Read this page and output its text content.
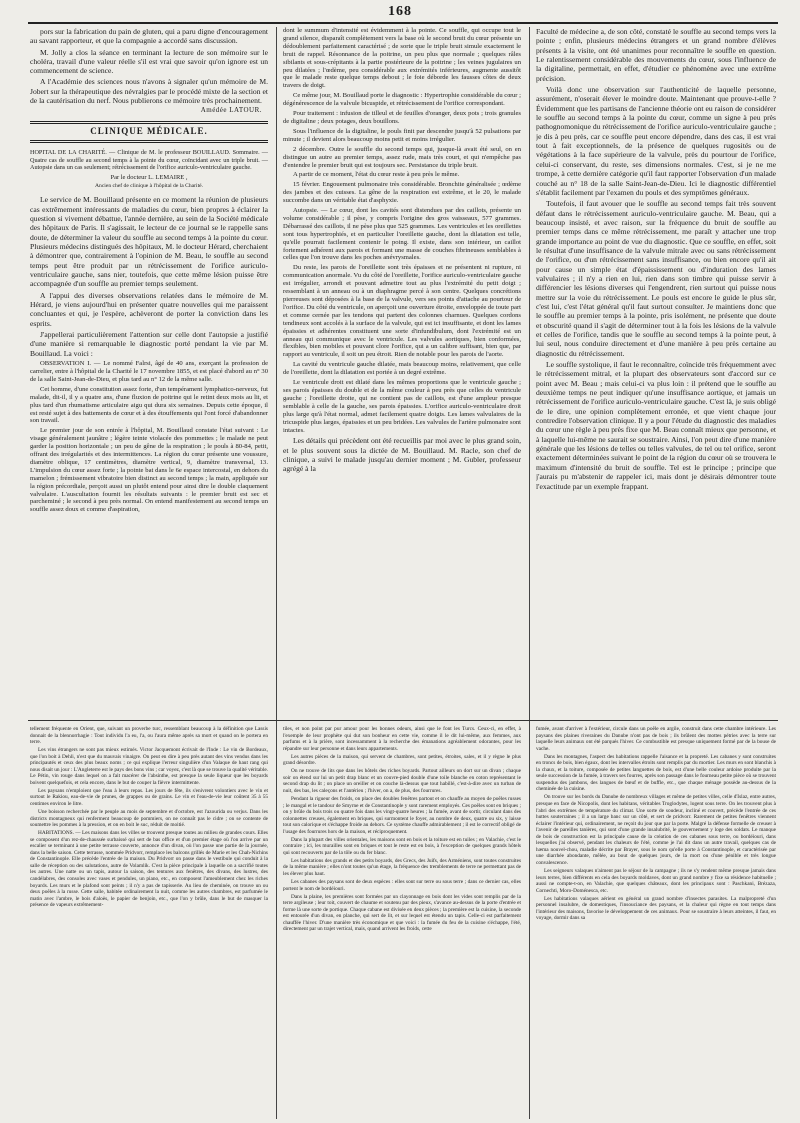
168

pors sur la fabrication du pain de gluten, qui a paru digne d'encouragement au savant rapporteur, et que la compagnie a accordé sans discussion.

M. Jolly a clos la séance en terminant la lecture de son mémoire sur le choléra, travail d'une valeur réelle s'il est vrai que savoir qu'on ignore est un commencement de science.

A l'Académie des sciences nous n'avons à signaler qu'un mémoire de M. Jobert sur la thérapeutique des névralgies par le procédé mixte de la section et de la cautérisation du nerf. Nous publierons ce mémoire très prochainement.

Amédée LATOUR.
CLINIQUE MÉDICALE.

HOPITAL DE LA CHARITÉ. — Clinique de M. le professeur BOUILLAUD. Sommaire. — Quatre cas de souffle au second temps à la pointe du cœur, coïncidant avec un triple bruit. — Autopsie dans un cas seulement; rétrécissement de l'orifice auriculo-ventriculaire gauche.

Par le docteur L. LEMAIRE ,
Ancien chef de clinique à l'hôpital de la Charité.

Le service de M. Bouillaud présente en ce moment la réunion de plusieurs cas extrêmement intéressants de maladies du cœur, bien propres à éclairer la question si vivement débattue, l'année dernière, au sein de la Société médicale des hôpitaux de Paris. Il s'agissait, le lecteur de ce journal se le rappelle sans doute, de déterminer la valeur du souffle au second temps à la pointe du cœur. Plusieurs médecins distingués des hôpitaux, M. le docteur Hérard, cherchaient à démontrer que, contrairement à l'opinion de M. Beau, le souffle au second temps peut être produit par un rétrécissement de l'orifice auriculo-ventriculaire gauche, sans nier, toutefois, que cette même lésion puisse être accompagnée d'un souffle au premier temps seulement.

A l'appui des diverses observations relatées dans le mémoire de M. Hérard, je viens aujourd'hui en présenter quatre nouvelles qui me paraissent concluantes et qui, je l'espère, achèveront de porter la conviction dans les esprits.

J'appellerai particulièrement l'attention sur celle dont l'autopsie a justifié d'une manière si remarquable le diagnostic porté pendant la vie par M. Bouillaud. La voici :

OBSERVATION I. — Le nommé Falrsi, âgé de 40 ans, exerçant la profession de carrelier, entre à l'hôpital de la Charité le 17 novembre 1855, et est placé d'abord au n° 30 de la salle Saint-Jean-de-Dieu, et plus tard au n° 12 de la même salle.

Cet homme, d'une constitution assez forte, d'un tempérament lymphatico-nerveux, fut malade, dit-il, il y a quatre ans, d'une fluxion de poitrine qui le retint deux mois au lit, et plus tard d'un rhumatisme articulaire aigu qui dura six semaines. Depuis cette époque, il est resté sujet à des battements de cœur et à des étouffements qui l'ont forcé d'abandonner son travail.

Le premier jour de son entrée à l'hôpital, M. Bouillaud constate l'état suivant : Le visage généralement jaunâtre ; légère teinte violacée des pommettes ; le malade ne peut garder la position horizontale ; un peu de gêne de la respiration ; le pouls à 80-84, petit, offrant des irrégularités et des intermittences. La région du cœur présente une voussure, diamètre oblique, 17 centimètres, diamètre vertical, 9, diamètre transversal, 13. L'impulsion du cœur assez forte ; la pointe bat dans le 6e espace intercostal, en dehors du mamelon ; frémissement vibratoire bien distinct au second temps ; la main, appliquée sur la région précordiale, perçoit aussi un plutôt entend pour ainsi dire le double claquement valvulaire. L'auscultation fournit les résultats suivants : le premier bruit est sec et parcheminé ; le second à peu près normal. On entend manifestement au second temps un souffle assez doux et comme d'aspiration,

dont le summum d'intensité est évidemment à la pointe. Ce souffle, qui occupe tout le grand silence, disparaît complètement vers la base où le second bruit du cœur présente un dédoublement parfaitement caractérisé ; de sorte que le triple bruit simule exactement le bruit de rappel. Résonnance de la poitrine, un peu plus que normale ; quelques râles sibilants et sous-crépitants à la partie postérieure de la poitrine ; les veines jugulaires un peu dilatées ; l'œdème, peu considérable aux extrémités inférieures, augmente aussitôt que le malade reste quelque temps debout ; le foie déborde les fausses côtes de deux travers de doigt.

Ce même jour, M. Bouillaud porte le diagnostic : Hypertrophie considérable du cœur ; dégénérescence de la valvule bicuspide, et rétrécissement de l'orifice correspondant.

Pour traitement : infusion de tilleul et de feuilles d'oranger, deux pots ; trois granules de digitaline ; deux potages, deux bouillons.

Sous l'influence de la digitaline, le pouls finit par descendre jusqu'à 52 pulsations par minute ; il devient alors beaucoup moins petit et moins irrégulier.

2 décembre. Outre le souffle du second temps qui, jusque-là avait été seul, on en distingue un autre au premier temps, assez rude, mais très court, et qui n'empêche pas d'entendre le premier bruit qui est toujours sec. Persistance du triple bruit.

A partir de ce moment, l'état du cœur reste à peu près le même.

15 février. Engouement pulmonaire très considérable. Bronchite généralisée ; œdème des jambes et des cuisses. La gêne de la respiration est extrême, et le 20, le malade succombe dans un véritable état d'asphyxie.

Autopsie. — Le cœur, dont les cavités sont distendues par des caillots, présente un volume considérable ; il pèse, y compris l'origine des gros vaisseaux, 577 grammes. Débarrassé des caillots, il ne pèse plus que 525 grammes. Les ventricules et les oreillettes sont tous hypertrophiés, et en particulier l'oreillette gauche, dont la dilatation est telle, qu'elle pourrait facilement contenir le poing. Il existe, dans son intérieur, un caillot fortement adhérent aux parois et formant une masse de couches fibrineuses semblables à celles que l'on trouve dans les poches anévrysmales.

Du reste, les parois de l'oreillette sont très épaisses et ne présentent ni rupture, ni communication anormale. Vu du côté de l'oreillette, l'orifice auriculo-ventriculaire gauche est irrégulier, arrondi et pouvant admettre tout au plus l'extrémité du petit doigt ; ressemblant à un anneau ou à un diaphragme percé à son centre. Quelques concrétions pierreuses sont déposées à la base de la valvule, vers ses points d'attache au pourtour de l'orifice. Du côté du ventricule, on aperçoit une ouverture étroite, enveloppée de toute part et comme cernée par les tendons qui partent des colonnes charnues. Quelques cordons tendineux sont accolés à la surface de la valvule, qui est ici insuffisante, et dont les lames épaissies et adhérentes constituent une sorte d'infundibulum, dont l'extrémité est un anneau qui communique avec le ventricule. Les valvules aortiques, bien conformées, flexibles, bien mobiles et pouvant clore l'orifice, qui a un calibre suffisant, bien que, par rapport au ventricule, il soit un peu étroit. Rien de notable pour les parois de l'aorte.

La cavité du ventricule gauche dilatée, mais beaucoup moins, relativement, que celle de l'oreillette, dont la dilatation est portée à un degré extrême.

Le ventricule droit est dilaté dans les mêmes proportions que le ventricule gauche ; ses parois épaisses du double et de la même couleur à peu près que celles du ventricule gauche ; l'oreillette droite, qui ne contient pas de caillots, est d'une ampleur presque semblable à celle de la gauche, ses parois épaissies. L'orifice auriculo-ventriculaire droit plus large qu'à l'état normal, admet facilement quatre doigts. Les lames valvulaires de la tricuspide plus larges, épaissies et un peu bridées. Les valvules de l'artère pulmonaire sont intactes.

Les détails qui précèdent ont été recueillis par moi avec le plus grand soin, et le plus souvent sous la dictée de M. Bouillaud. M. Racle, son chef de clinique, a suivi le malade jusqu'au dernier moment ; M. Gubler, professeur agrégé à la

Faculté de médecine a, de son côté, constaté le souffle au second temps vers la pointe ; enfin, plusieurs médecins étrangers et un grand nombre d'élèves présents à la visite, ont été unanimes pour reconnaître le souffle en question. Le ralentissement considérable des mouvements du cœur, sous l'influence de la digitaline, permettait, en effet, d'étudier ce phénomène avec une extrême précision.

Voilà donc une observation sur l'authenticité de laquelle personne, assurément, n'oserait élever le moindre doute. Maintenant que prouve-t-elle ? Évidemment que les partisans de l'ancienne théorie ont eu raison de considérer le souffle au second temps à la pointe du cœur, comme un signe à peu près pathognomonique du rétrécissement de l'orifice auriculo-ventriculaire gauche ; je dis à peu près, car ce souffle peut encore dépendre, dans des cas, il est vrai tout à fait exceptionnels, de la présence de quelques rugosités ou de végétations à la face supérieure de la valvule, près du pourtour de l'orifice, celui-ci conservant, du reste, ses dimensions normales. C'est, si je ne me trompe, à cette dernière catégorie qu'il faut rapporter l'observation d'un malade couché au n° 18 de la salle Saint-Jean-de-Dieu. Ici le diagnostic différentiel s'établit facilement par l'examen du pouls et des symptômes généraux.

Toutefois, il faut avouer que le souffle au second temps fait très souvent défaut dans le rétrécissement auriculo-ventriculaire gauche. M. Beau, qui a beaucoup insisté, et avec raison, sur la fréquence du bruit de souffle au premier temps dans ce même rétrécissement, me paraît y attacher une trop grande importance au point de vue du diagnostic. Que ce souffle, en effet, soit le résultat d'une insuffisance de la valvule mitrale avec ou sans rétrécissement de l'orifice, ou d'un rétrécissement sans insuffisance, ou bien encore qu'il ait pour cause un simple état d'épaississement ou d'induration des lames valvulaires ; il n'y a rien en lui, rien dans son timbre qui puisse servir à différencier les lésions diverses qui l'engendrent, rien surtout qui puisse nous mettre sur la voie du rétrécissement. Le pouls est encore le guide le plus sûr, c'est lui, c'est l'état général qu'il faut surtout consulter. Je maintiens donc que le souffle au premier temps à la pointe, pris isolément, ne présente que doute et obscurité quand il s'agit de déterminer tout à la fois les lésions de la valvule et celles de l'orifice, tandis que le souffle au second temps à la pointe peut, à lui seul, nous conduire directement et d'une manière à peu près certaine au diagnostic du rétrécissement.

Le souffle systolique, il faut le reconnaître, coïncide très fréquemment avec le rétrécissement mitral, et la plupart des observateurs sont d'accord sur ce point avec M. Beau ; mais celui-ci va plus loin : il prétend que le souffle au deuxième temps ne peut indiquer qu'une insuffisance aortique, et jamais un rétrécissement de l'orifice auriculo-ventriculaire gauche. C'est là, je suis obligé de le dire, une opinion complètement erronée, et que vient chaque jour contredire l'observation clinique. Il y a pour l'étude du diagnostic des maladies du cœur une règle à peu près fixe que M. Beau connaît mieux que personne, et à laquelle lui-même ne saurait se soustraire. Ainsi, l'on peut dire d'une manière générale que les lésions de telles ou telles valvules, de tel ou tel orifice, seront exactement déterminées suivant le point de la région du cœur où se trouvera le maximum d'intensité du bruit de souffle. Tel est le principe ; principe que j'aurais pu m'abstenir de rappeler ici, mais dont je désirais démontrer toute l'exactitude par un exemple frappant.

tellement fréquente en Orient, que, suivant un proverbe turc, ressemblant beaucoup à la définition que Lassis donnait de la blennorrhagie : Tout individu l'a eu, l'a, ou l'aura même après sa mort et quand on le portera en terre.

Les vins étrangers ne sont pas mieux estimés. Victor Jacquemont écrivait de l'Inde : Le vin de Bordeaux, que l'on boit à Dehli, n'est que du mauvais vinaigre. On peut en dire à peu près autant des vins vendus dans les principautés et ceux des plus beaux noms ; ce qui explique l'erreur singulière d'un Valaque de haut rang qui nous disait un jour : L'Angleterre est le pays des bons vins ; car voyez, c'est là que se trouve la qualité véritable. Le Pétin, vin rouge dans lequel on a fait macérer de l'absinthe, est presque la seule liqueur que les boyards boivent quelquefois, et cela encore, dans le but de couper la fièvre intermittente.

Les paysans n'emploient que l'eau à leurs repas. Les jours de fête, ils s'enivrent volontiers avec le vin et surtout le Rakiou, eau-de-vie de prunes, de grappes ou de grains. Le vin et l'eau-de-vie leur coûtent 35 à 55 centimes environ le litre.

Une boisson recherchée par le peuple au mois de septembre et d'octobre, est l'azourida ou verjus. Dans les districts montagneux qui renferment beaucoup de pommiers, on ne connaît pas le cidre ; on se contente de soumettre les pommes à la pression, et on en boit le suc, réduit de moitié.

HABITATIONS. — Les maisons dans les villes se trouvent presque toutes au milieu de grandes cours. Elles se composent d'un rez-de-chaussée surbaissé qui sert de bas office et d'un premier étage où l'on arrive par un escalier se terminant à une petite terrasse couverte, annonce d'un divan, où l'on passe une partie de la journée, dans la belle saison. Cette terrasse, nommée Pridvorr, remplace les balcons grillés de Marie et les Chah-Nichins de Constantinople. Elle précède l'entrée de la maison. Du Pridvorr on passe dans le vestibule qui conduit à la salle de réception ou des salutations, autre de Volamlik. C'est la pièce principale à laquelle on a sacrifié toutes les autres. Une natte ou un tapis, autour la saison, des tentures aux fenêtres, des divans, des lustres, des candélabres, des consoles avec vases et pendules, un piano, etc., en composent l'ameublement chez les riches boyards. Les murs et le plafond sont peints ; il n'y a pas de tapisserie. Au lieu de cheminée, on trouve un ou deux poêles à la russe. Cette salle, habitée ordinairement la nuit, comme les autres chambres, est parfumée le matin avec l'ambre, le bois d'aloès, le papier de benjoin, etc., que l'on y brûle, dans le but de masquer la présence de vapeurs extrêmement-

tiles, et non point par pur amour pour les bonnes odeurs, ainsi que le font les Turcs. Ceux-ci, en effet, à l'exemple de leur prophète qui dut son bonheur en cette vie, comme il le dit lui-même, aux femmes, aux parfums et à la prière, sont incessamment à la recherche des émanations agréablement odorantes, pour les répandre sur leur personne et dans leurs appartements.

Les autres pièces de la maison, qui servent de chambres, sont petites, étroites, sales, et il y règne le plus grand désordre.

On ne trouve de lits que dans les hôtels des riches boyards. Partout ailleurs on dort sur un divan ; chaque soir on étend sur lui un petit drap blanc et un couvre-pied double d'une toile blanche en coton représentant le second drap du lit ; on place un oreiller et on couche là-dessus que tout habillé, c'est-à-dire avec un turban de nuit, des bas, les caleçons et l'antérieu ; l'hiver, on a, de plus, des fourrures.

Pendant la rigueur des froids, on place des doubles fenêtres partout et on chauffe au moyen de poêles russes ; le mangal et le tandour de Smyrne et de Constantinople y sont rarement employés. Ces poêles sont en briques ; on y brûle du bois trois ou quatre fois dans les vingt-quatre heures ; la fumée, avant de sortir, circulant dans des colonnettes creuses, également en briques, qui surmontent le foyer, au nombre de deux, quatre ou six, y laisse tout son calorique et s'échappe froide au dehors. Ce système chauffe admirablement ; il est le correctif obligé de l'usage des fourrures hors de la maison, et réciproquement.

Dans la plupart des villes orientales, les maisons sont en bois et la toiture est en tuiles ; en Valachie, c'est le contraire ; ici, les murailles sont en briques et tout le reste est en bois, à l'exception de quelques grands hôtels qui sont recouverts par de la tôle ou du fer blanc.

Les habitations des grands et des petits boyards, des Grecs, des Juifs, des Arméniens, sont toutes construites de la même manière ; elles n'ont toutes qu'un étage, la fréquence des tremblements de terre ne permettant pas de les élever plus haut.

Les cabanes des paysans sont de deux espèces : elles sont sur terre ou sous terre ; dans ce dernier cas, elles portent le nom de bordéiouri.

Dans la plaine, les premières sont formées par un clayonnage en bois dont les vides sont remplis par de la terre argileuse ; leur toit, couvert de chaume et soutenu par des pieux, s'avance au-dessus de la porte d'entrée et forme là une sorte de portique. Chaque cabane est divisée en deux pièces ; la première est la cuisine, la seconde est entourée d'un divan, en planche, qui sert de lit, et sur lequel est étendu un tapis. Celle-ci est parfaitement chauffée l'hiver. D'une manière très économique et que voici : la fumée du feu de la cuisine s'échappe, l'été, directement par un trajet vertical, mais, quand arrivent les froids, cette

fumée, avant d'arriver à l'extérieur, circule dans un poêle en argile, construit dans cette chambre intérieure. Les paysans des plaines riveraines du Danube n'ont pas de bois ; ils brûlent des mottes pétries avec la terre sur laquelle leurs animaux ont été parqués l'hiver. Ce combustible est presque uniquement formé par de la bouse de vache.

Dans les montagnes, l'aspect des habitations rappelle l'aisance et la propreté. Les cabanes y sont construites en troncs de bois, bien égaux, dont les intervalles étroits sont remplis par du mortier. Les murs en sont blanchis à la chaux, et la toiture, composée de petites languettes de bois, est d'une belle couleur ardoise produite par la seule succession de la fumée, à travers ses fourres, après son passage dans le fourneau petite pièce où se trouvent suspendus des jambons, des langues de bœuf et de buffle, etc., que chaque ménage possède au-dessus de la cheminée de la cuisine.

On trouve sur les bords du Danube de nombreux villages et même de petites villes, celle d'Islaz, entre autres, presque en face de Nicopolis, dont les habitans, véritables Troglodytes, logent sous terre. On les trouvent plus à l'abri des extrêmes de température du climat. Une sorte de soudeur, incliné et couvert, précède l'entrée de ces huttes souterraines ; il a un large banc sur un côté, et sert de pridvorr. Rarement de petites fenêtres viennent éclairer l'intérieur qui, ordinairement, ne reçoit du jour que par la porte. Malgré la défense formelle de creuser à l'avenir de pareilles tanières, qui sont d'une grande insalubrité, le gouvernement y loge des soldats. Le manque de bois de construction est la principale cause de la création de ces cabanes sous terre, ou bordéiouri, dans lesquelles j'ai observé, pendant les chaleurs de l'été, comme je l'ai dit dans un autre travail, quelques cas de hæma nouvel-chou, maladie décrite par Brayer, sous le nom qu'elle porte à Constantinople, et caractérisée par une diarrhée abondante, mêlée, au bout de quelques jours, de la mort ou d'une pénible et très longue convalescence.

Les seigneurs valaques n'aiment pas le séjour de la campagne ; ils ne s'y rendent même presque jamais dans leurs terres, bien différents en cela des boyards moldaves, dont un grand nombre y fixe sa résidence habituelle ; aussi ne compte-t-on, en Valachie, que quelques châteaux, dont les principaux sont : Paschkani, Brézaza, Cornechti, Moro-Doménesca, etc.

Les habitations valaques aérient en général un grand nombre d'insectes parasites. La malpropreté d'un personnel insalubre, de domestiques, l'insouciance des paysans, et la chaleur qui règne en tout temps dans l'intérieur des maisons, favorise le développement de ces animaux. Pour se soustraire à leurs atteintes, il faut, en voyage, dormir dans sa
